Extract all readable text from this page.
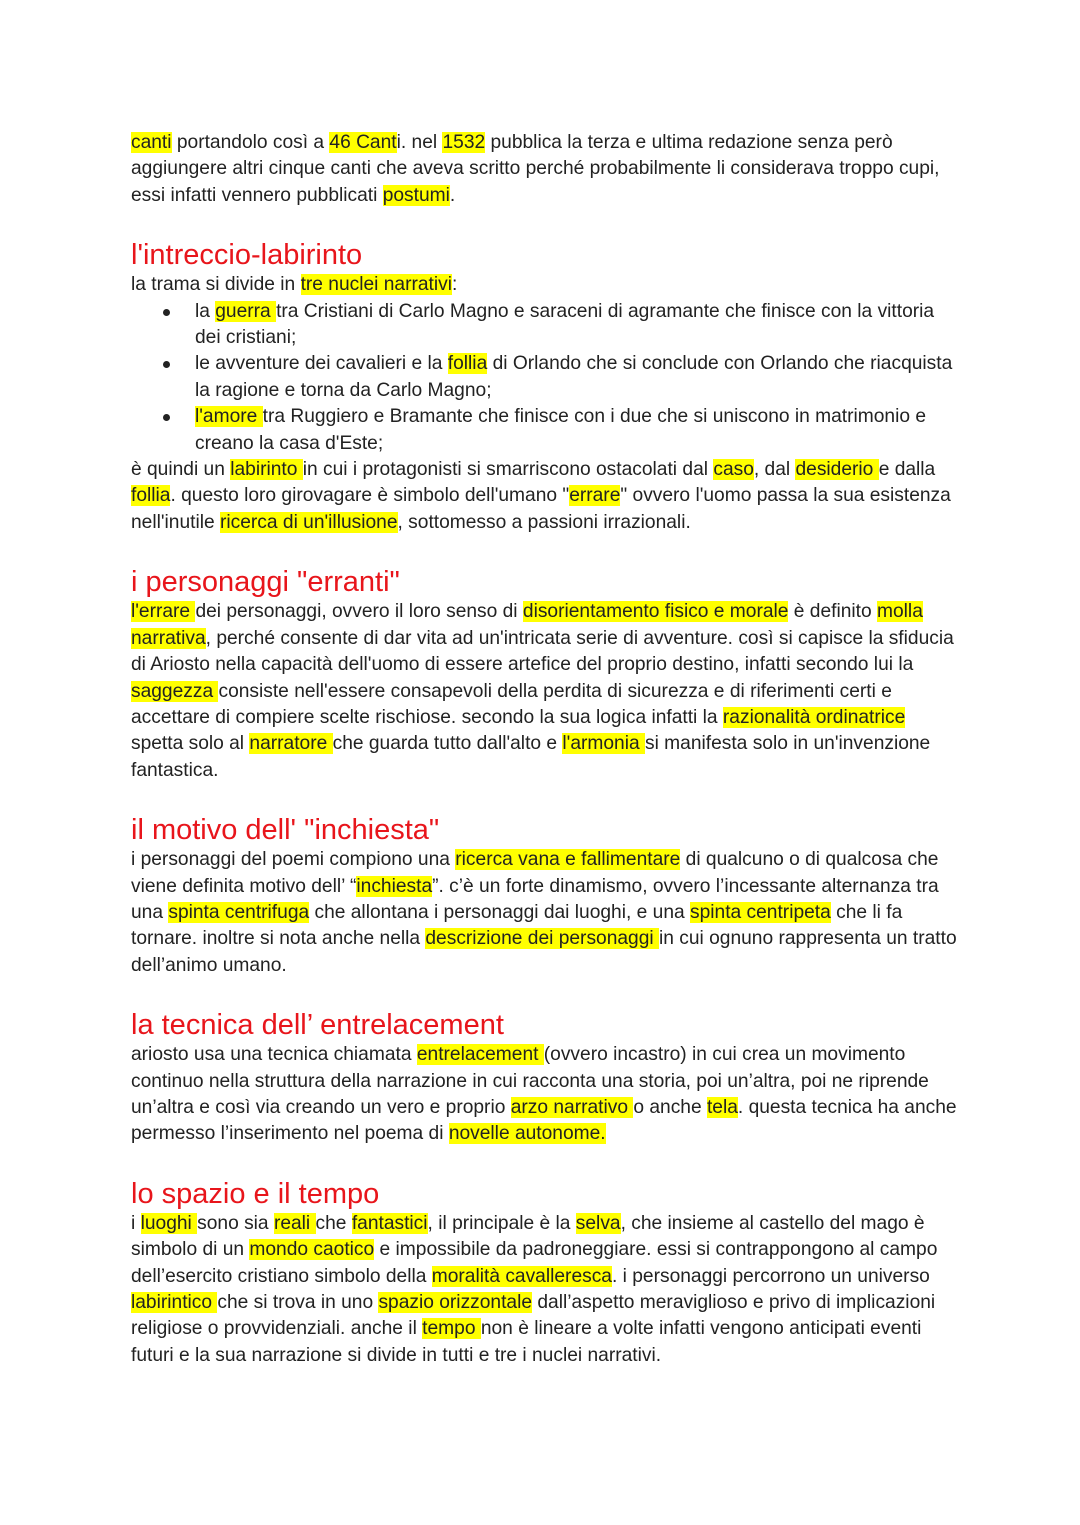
canti portandolo così a 46 Canti. nel 1532 pubblica la terza e ultima redazione senza però aggiungere altri cinque canti che aveva scritto perché probabilmente li considerava troppo cupi, essi infatti vennero pubblicati postumi.

l'intreccio-labirinto

la trama si divide in tre nuclei narrativi:

la guerra tra Cristiani di Carlo Magno e saraceni di agramante che finisce con la vittoria dei cristiani;
le avventure dei cavalieri e la follia di Orlando che si conclude con Orlando che riacquista la ragione e torna da Carlo Magno;
l'amore tra Ruggiero e Bramante che finisce con i due che si uniscono in matrimonio e creano la casa d'Este;

è quindi un labirinto in cui i protagonisti si smarriscono ostacolati dal caso, dal desiderio e dalla follia. questo loro girovagare è simbolo dell'umano "errare" ovvero l'uomo passa la sua esistenza nell'inutile ricerca di un'illusione, sottomesso a passioni irrazionali.

i personaggi "erranti"

l'errare dei personaggi, ovvero il loro senso di disorientamento fisico e morale è definito molla narrativa, perché consente di dar vita ad un'intricata serie di avventure. così si capisce la sfiducia di Ariosto nella capacità dell'uomo di essere artefice del proprio destino, infatti secondo lui la saggezza consiste nell'essere consapevoli della perdita di sicurezza e di riferimenti certi e accettare di compiere scelte rischiose. secondo la sua logica infatti la razionalità ordinatrice spetta solo al narratore che guarda tutto dall'alto e l'armonia si manifesta solo in un'invenzione fantastica.

il motivo dell' "inchiesta"

i personaggi del poemi compiono una ricerca vana e fallimentare di qualcuno o di qualcosa che viene definita motivo dell’ “inchiesta”. c’è un forte dinamismo, ovvero l’incessante alternanza tra una spinta centrifuga che allontana i personaggi dai luoghi, e una spinta centripeta che li fa tornare. inoltre si nota anche nella descrizione dei personaggi in cui ognuno rappresenta un tratto dell’animo umano.

la tecnica dell’ entrelacement

ariosto usa una tecnica chiamata entrelacement (ovvero incastro) in cui crea un movimento continuo nella struttura della narrazione in cui racconta una storia, poi un’altra, poi ne riprende un’altra e così via creando un vero e proprio arzo narrativo o anche tela. questa tecnica ha anche permesso l’inserimento nel poema di novelle autonome.

lo spazio e il tempo

i luoghi sono sia reali che fantastici, il principale è la selva, che insieme al castello del mago è simbolo di un mondo caotico e impossibile da padroneggiare. essi si contrappongono al campo dell’esercito cristiano simbolo della moralità cavalleresca. i personaggi percorrono un universo labirintico che si trova in uno spazio orizzontale dall’aspetto meraviglioso e privo di implicazioni religiose o provvidenziali. anche il tempo non è lineare a volte infatti vengono anticipati eventi futuri e la sua narrazione si divide in tutti e tre i nuclei narrativi.
